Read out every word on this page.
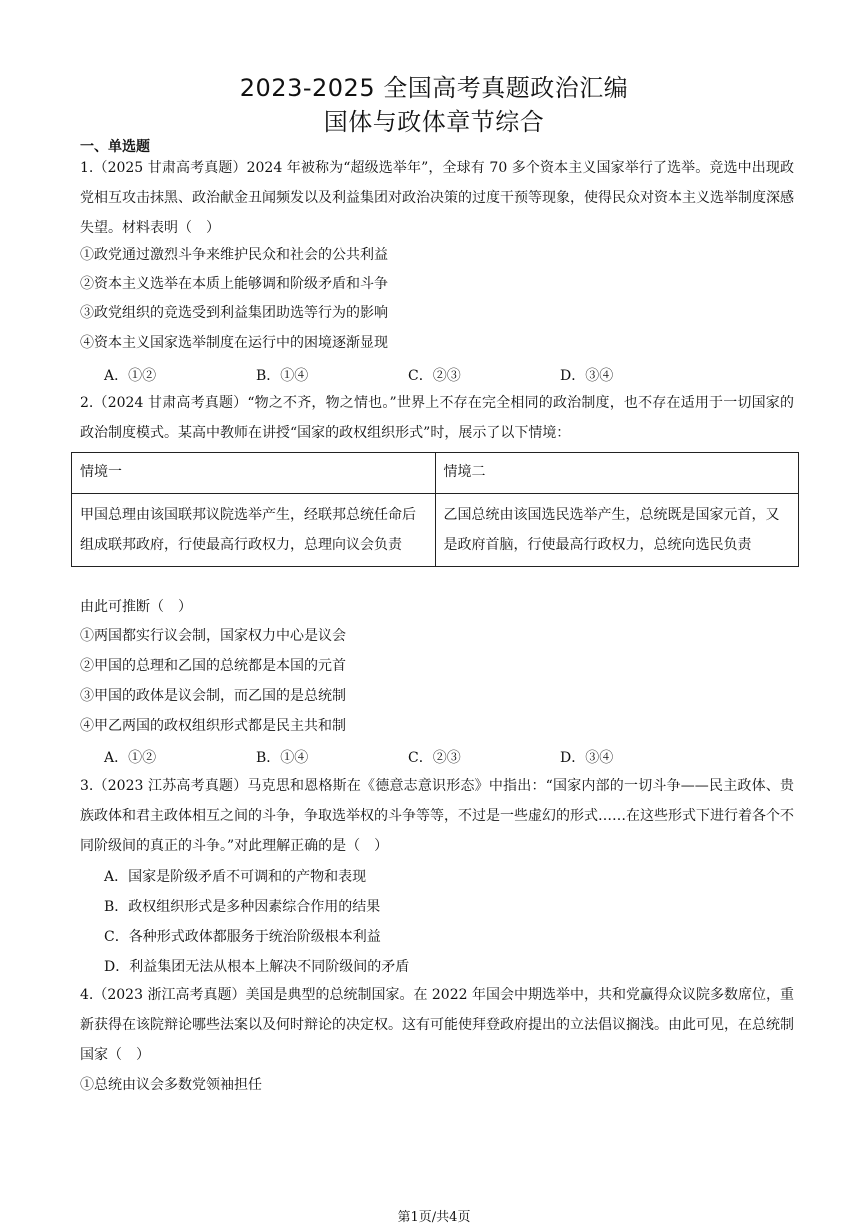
2023-2025 全国高考真题政治汇编
国体与政体章节综合
一、单选题
1.（2025 甘肃高考真题）2024 年被称为“超级选举年”，全球有 70 多个资本主义国家举行了选举。竞选中出现政党相互攻击抹黑、政治献金丑闻频发以及利益集团对政治决策的过度干预等现象，使得民众对资本主义选举制度深感失望。材料表明（　）
①政党通过激烈斗争来维护民众和社会的公共利益
②资本主义选举在本质上能够调和阶级矛盾和斗争
③政党组织的竞选受到利益集团助选等行为的影响
④资本主义国家选举制度在运行中的困境逐渐显现
A．①②	B．①④	C．②③	D．③④
2.（2024 甘肃高考真题）“物之不齐，物之情也。”世界上不存在完全相同的政治制度，也不存在适用于一切国家的政治制度模式。某高中教师在讲授“国家的政权组织形式”时，展示了以下情境：
情境一	情境二
甲国总理由该国联邦议院选举产生，经联邦总统任命后组成联邦政府，行使最高行政权力，总理向议会负责	乙国总统由该国选民选举产生，总统既是国家元首，又是政府首脑，行使最高行政权力，总统向选民负责
由此可推断（　）
①两国都实行议会制，国家权力中心是议会
②甲国的总理和乙国的总统都是本国的元首
③甲国的政体是议会制，而乙国的是总统制
④甲乙两国的政权组织形式都是民主共和制
A．①②	B．①④	C．②③	D．③④
3.（2023 江苏高考真题）马克思和恩格斯在《德意志意识形态》中指出：“国家内部的一切斗争——民主政体、贵族政体和君主政体相互之间的斗争，争取选举权的斗争等等，不过是一些虚幻的形式……在这些形式下进行着各个不同阶级间的真正的斗争。”对此理解正确的是（　）
A．国家是阶级矛盾不可调和的产物和表现
B．政权组织形式是多种因素综合作用的结果
C．各种形式政体都服务于统治阶级根本利益
D．利益集团无法从根本上解决不同阶级间的矛盾
4.（2023 浙江高考真题）美国是典型的总统制国家。在 2022 年国会中期选举中，共和党赢得众议院多数席位，重新获得在该院辩论哪些法案以及何时辩论的决定权。这有可能使拜登政府提出的立法倡议搁浅。由此可见，在总统制国家（　）
①总统由议会多数党领袖担任
第1页/共4页
